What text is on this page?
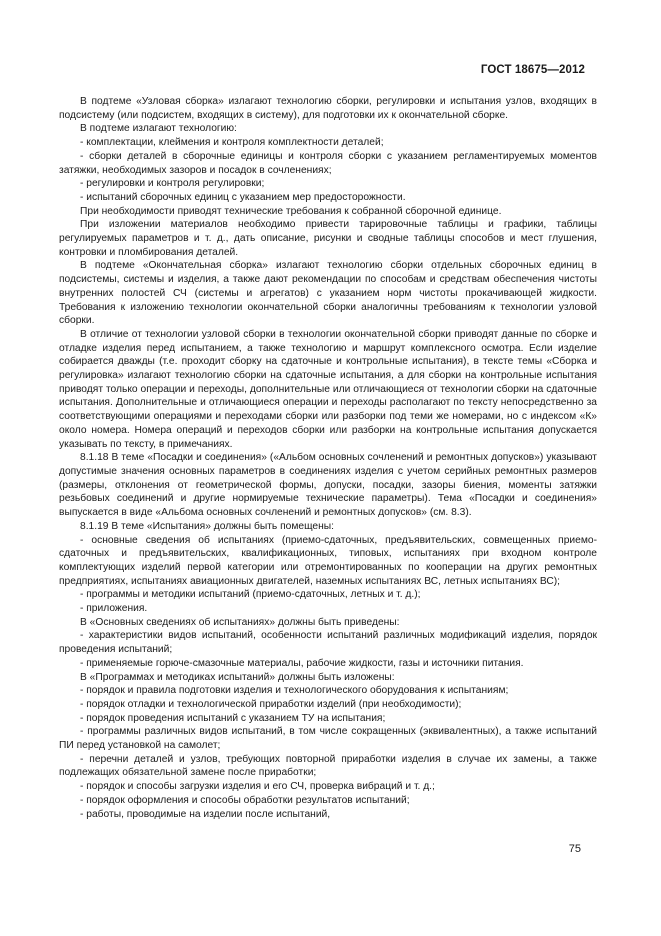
ГОСТ 18675—2012

В подтеме «Узловая сборка» излагают технологию сборки, регулировки и испытания узлов, входящих в подсистему (или подсистем, входящих в систему), для подготовки их к окончательной сборке.

В подтеме излагают технологию:

- комплектации, клеймения и контроля комплектности деталей;

- сборки деталей в сборочные единицы и контроля сборки с указанием регламентируемых моментов затяжки, необходимых зазоров и посадок в сочленениях;

- регулировки и контроля регулировки;

- испытаний сборочных единиц с указанием мер предосторожности.

При необходимости приводят технические требования к собранной сборочной единице.

При изложении материалов необходимо привести тарировочные таблицы и графики, таблицы регулируемых параметров и т. д., дать описание, рисунки и сводные таблицы способов и мест глушения, контровки и пломбирования деталей.

В подтеме «Окончательная сборка» излагают технологию сборки отдельных сборочных единиц в подсистемы, системы и изделия, а также дают рекомендации по способам и средствам обеспечения чистоты внутренних полостей СЧ (системы и агрегатов) с указанием норм чистоты прокачивающей жидкости. Требования к изложению технологии окончательной сборки аналогичны требованиям к технологии узловой сборки.

В отличие от технологии узловой сборки в технологии окончательной сборки приводят данные по сборке и отладке изделия перед испытанием, а также технологию и маршрут комплексного осмотра. Если изделие собирается дважды (т.е. проходит сборку на сдаточные и контрольные испытания), в тексте темы «Сборка и регулировка» излагают технологию сборки на сдаточные испытания, а для сборки на контрольные испытания приводят только операции и переходы, дополнительные или отличающиеся от технологии сборки на сдаточные испытания. Дополнительные и отличающиеся операции и переходы располагают по тексту непосредственно за соответствующими операциями и переходами сборки или разборки под теми же номерами, но с индексом «К» около номера. Номера операций и переходов сборки или разборки на контрольные испытания допускается указывать по тексту, в примечаниях.

8.1.18 В теме «Посадки и соединения» («Альбом основных сочленений и ремонтных допусков») указывают допустимые значения основных параметров в соединениях изделия с учетом серийных ремонтных размеров (размеры, отклонения от геометрической формы, допуски, посадки, зазоры биения, моменты затяжки резьбовых соединений и другие нормируемые технические параметры). Тема «Посадки и соединения» выпускается в виде «Альбома основных сочленений и ремонтных допусков» (см. 8.3).

8.1.19 В теме «Испытания» должны быть помещены:

- основные сведения об испытаниях (приемо-сдаточных, предъявительских, совмещенных приемо-сдаточных и предъявительских, квалификационных, типовых, испытаниях при входном контроле комплектующих изделий первой категории или отремонтированных по кооперации на других ремонтных предприятиях, испытаниях авиационных двигателей, наземных испытаниях ВС, летных испытаниях ВС);

- программы и методики испытаний (приемо-сдаточных, летных и т. д.);

- приложения.

В «Основных сведениях об испытаниях» должны быть приведены:

- характеристики видов испытаний, особенности испытаний различных модификаций изделия, порядок проведения испытаний;

- применяемые горюче-смазочные материалы, рабочие жидкости, газы и источники питания.

В «Программах и методиках испытаний» должны быть изложены:

- порядок и правила подготовки изделия и технологического оборудования к испытаниям;

- порядок отладки и технологической приработки изделий (при необходимости);

- порядок проведения испытаний с указанием ТУ на испытания;

- программы различных видов испытаний, в том числе сокращенных (эквивалентных), а также испытаний ПИ перед установкой на самолет;

- перечни деталей и узлов, требующих повторной приработки изделия в случае их замены, а также подлежащих обязательной замене после приработки;

- порядок и способы загрузки изделия и его СЧ, проверка вибраций и т. д.;

- порядок оформления и способы обработки результатов испытаний;

- работы, проводимые на изделии после испытаний,

75
